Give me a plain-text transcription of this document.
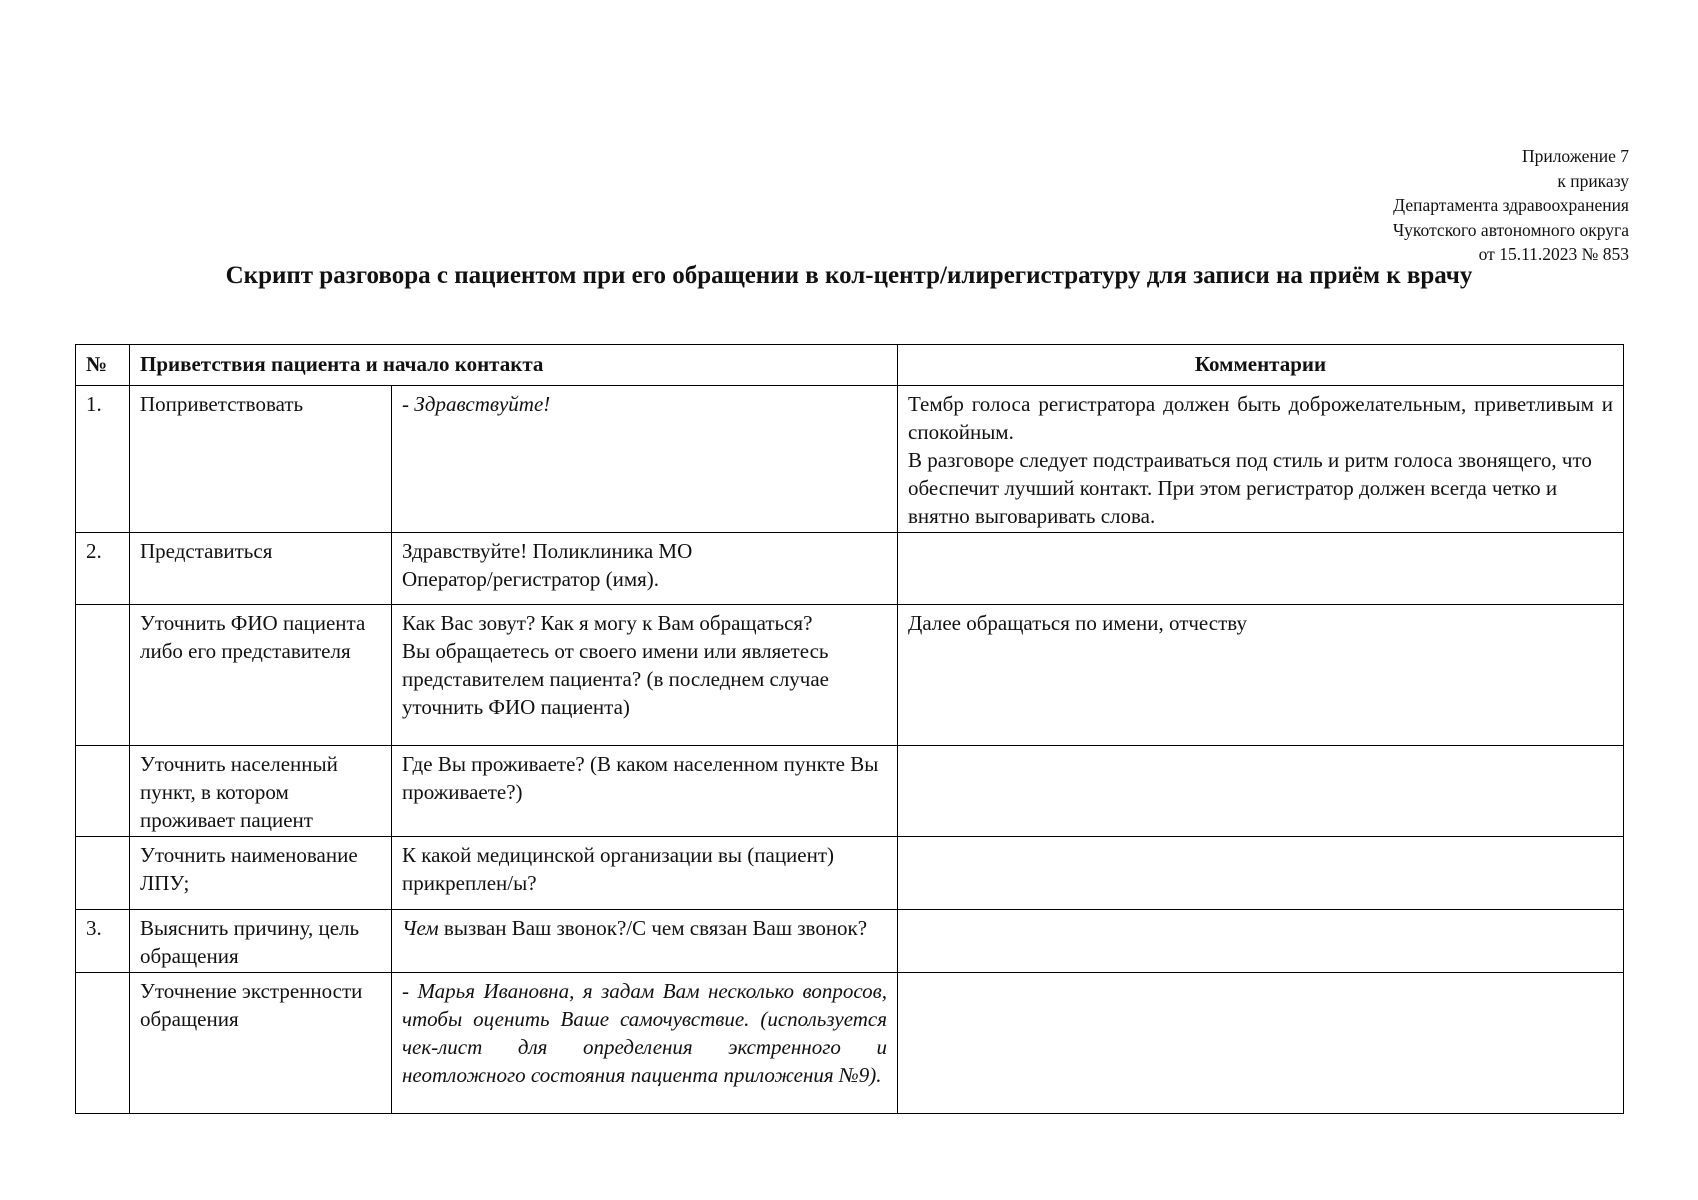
Приложение 7
к приказу
Департамента здравоохранения
Чукотского автономного округа
от 15.11.2023 № 853
Скрипт разговора с пациентом при его обращении в кол-центр/илирегистратуру для записи на приём к врачу
№	Приветствия пациента и начало контакта		Комментарии
1.	Поприветствовать	- Здравствуйте!	Тембр голоса регистратора должен быть доброжелательным, приветливым и спокойным.
В разговоре следует подстраиваться под стиль и ритм голоса звонящего, что обеспечит лучший контакт. При этом регистратор должен всегда четко и внятно выговаривать слова.

2.	Представиться	Здравствуйте! Поликлиника МО
Оператор/регистратор (имя).	

	Уточнить ФИО пациента либо его представителя	Как Вас зовут? Как я могу к Вам обращаться?
Вы обращаетесь от своего имени или являетесь представителем пациента? (в последнем случае уточнить ФИО пациента)	Далее обращаться по имени, отчеству
	Уточнить населенный пункт, в котором проживает пациент	Где Вы проживаете? (В каком населенном пункте Вы проживаете?)	
	Уточнить наименование ЛПУ;	К какой медицинской организации вы (пациент) прикреплен/ы?	
3.	Выяснить причину, цель обращения	Чем вызван Ваш звонок?/С чем связан Ваш звонок?	
	Уточнение экстренности обращения	- Марья Ивановна, я задам Вам несколько вопросов, чтобы оценить Ваше самочувствие. (используется чек-лист для определения экстренного и неотложного состояния пациента приложения №9).	
